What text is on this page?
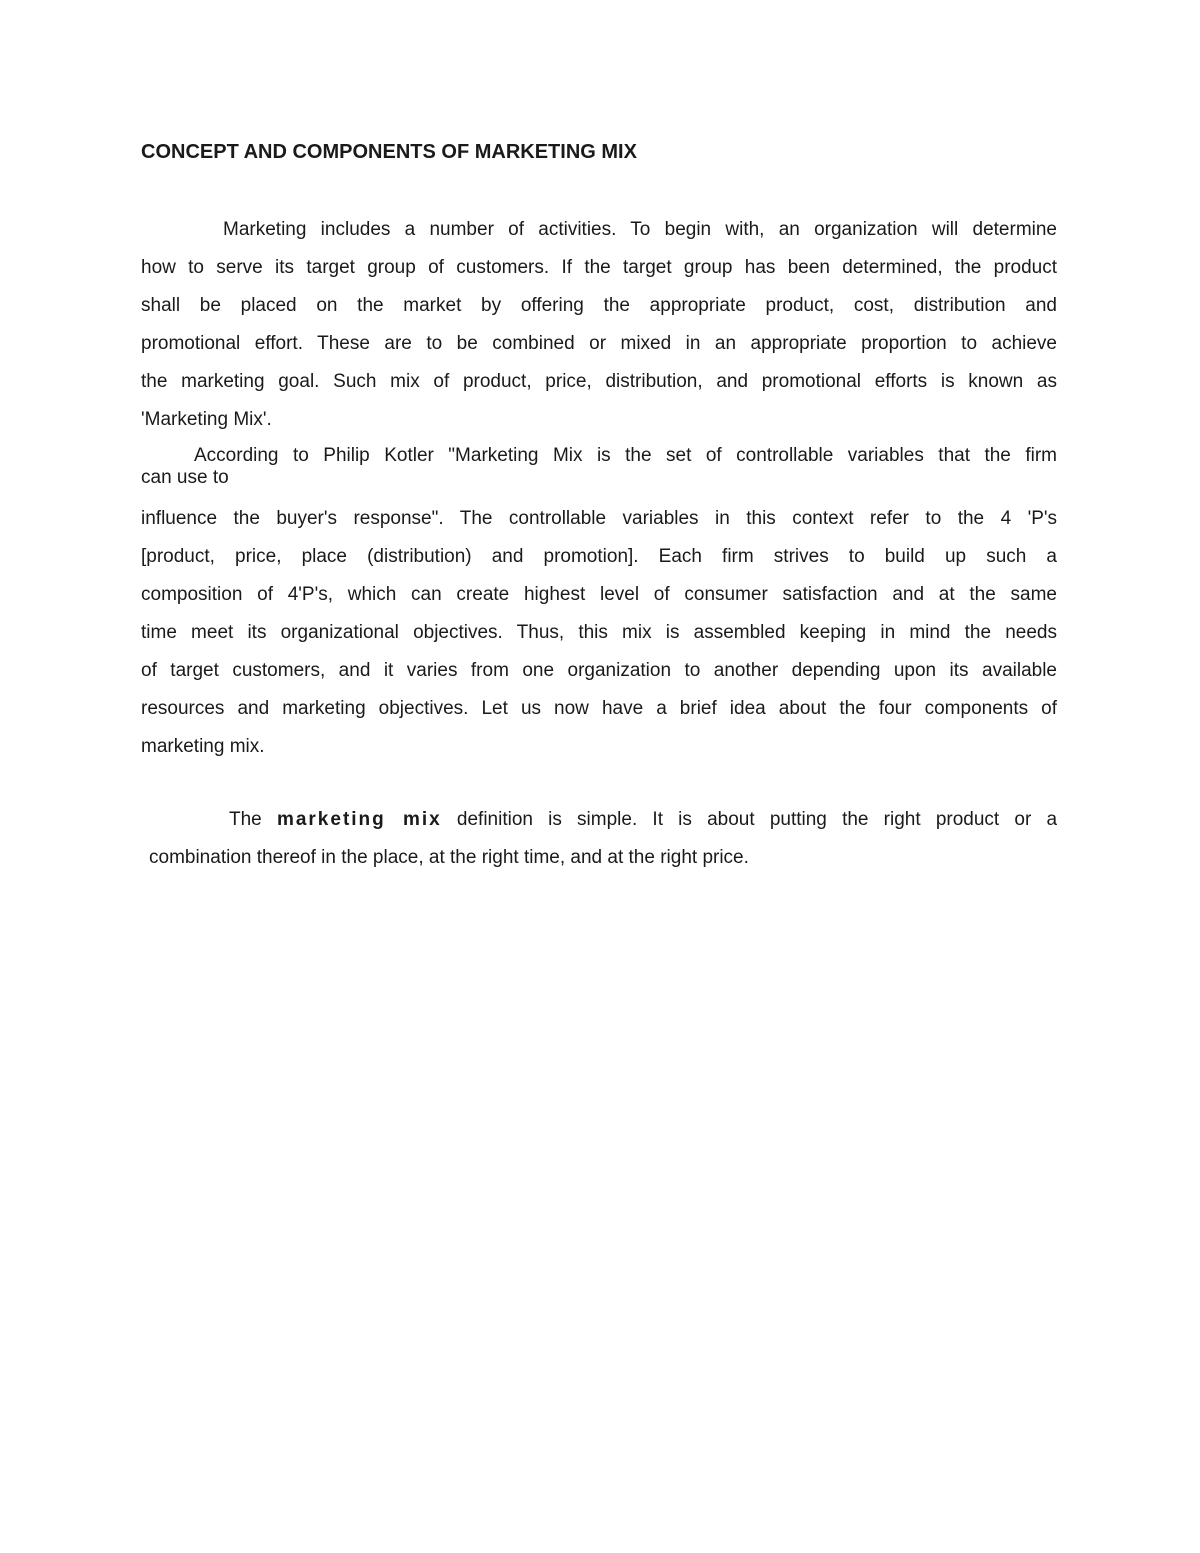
CONCEPT AND COMPONENTS OF MARKETING MIX
Marketing includes a number of activities. To begin with, an organization will determine
how to serve its target group of customers. If the target group has been determined, the product
shall be placed on the market by offering the appropriate product, cost, distribution and
promotional effort. These are to be combined or mixed in an appropriate proportion to achieve
the marketing goal. Such mix of product, price, distribution, and promotional efforts is known as
'Marketing Mix'.
According to Philip Kotler "Marketing Mix is the set of controllable variables that the firm
can use to
influence the buyer's response". The controllable variables in this context refer to the 4 'P's
[product, price, place (distribution) and promotion]. Each firm strives to build up such a
composition of 4'P's, which can create highest level of consumer satisfaction and at the same
time meet its organizational objectives. Thus, this mix is assembled keeping in mind the needs
of target customers, and it varies from one organization to another depending upon its available
resources and marketing objectives. Let us now have a brief idea about the four components of
marketing mix.
The marketing mix definition is simple. It is about putting the right product or a
combination thereof in the place, at the right time, and at the right price.
